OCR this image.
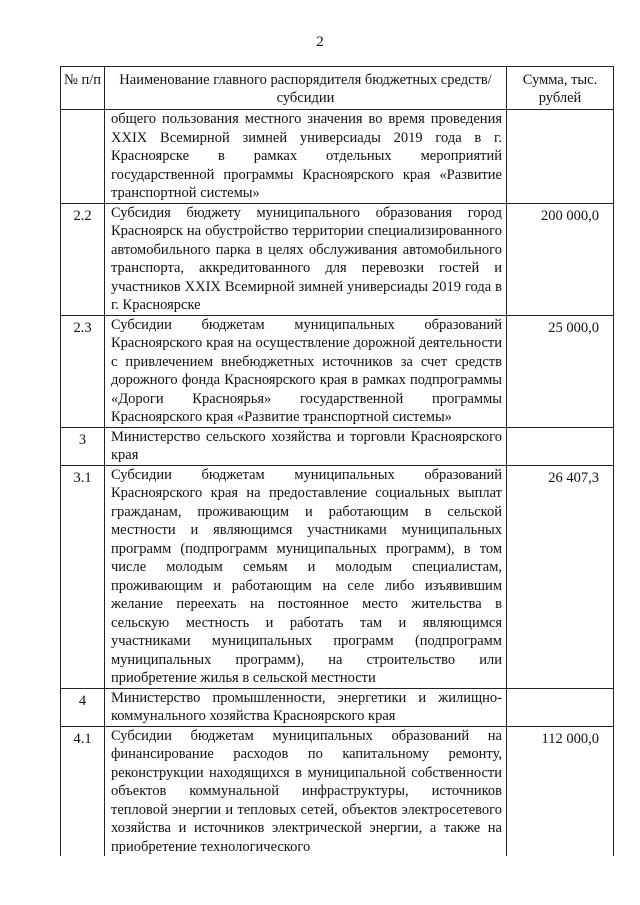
2
№ п/п	Наименование главного распорядителя бюджетных средств/ субсидии	Сумма, тыс. рублей
	общего пользования местного значения во время проведения XXIX Всемирной зимней универсиады 2019 года в г. Красноярске в рамках отдельных мероприятий государственной программы Красноярского края «Развитие транспортной системы»	
2.2	Субсидия бюджету муниципального образования город Красноярск на обустройство территории специализированного автомобильного парка в целях обслуживания автомобильного транспорта, аккредитованного для перевозки гостей и участников XXIX Всемирной зимней универсиады 2019 года в г. Красноярске	200 000,0
2.3	Субсидии бюджетам муниципальных образований Красноярского края на осуществление дорожной деятельности с привлечением внебюджетных источников за счет средств дорожного фонда Красноярского края в рамках подпрограммы «Дороги Красноярья» государственной программы Красноярского края «Развитие транспортной системы»	25 000,0
3	Министерство сельского хозяйства и торговли Красноярского края	
3.1	Субсидии бюджетам муниципальных образований Красноярского края на предоставление социальных выплат гражданам, проживающим и работающим в сельской местности и являющимся участниками муниципальных программ (подпрограмм муниципальных программ), в том числе молодым семьям и молодым специалистам, проживающим и работающим на селе либо изъявившим желание переехать на постоянное место жительства в сельскую местность и работать там и являющимся участниками муниципальных программ (подпрограмм муниципальных программ), на строительство или приобретение жилья в сельской местности	26 407,3
4	Министерство промышленности, энергетики и жилищно-коммунального хозяйства Красноярского края	
4.1	Субсидии бюджетам муниципальных образований на финансирование расходов по капитальному ремонту, реконструкции находящихся в муниципальной собственности объектов коммунальной инфраструктуры, источников тепловой энергии и тепловых сетей, объектов электросетевого хозяйства и источников электрической энергии, а также на приобретение технологического	112 000,0
